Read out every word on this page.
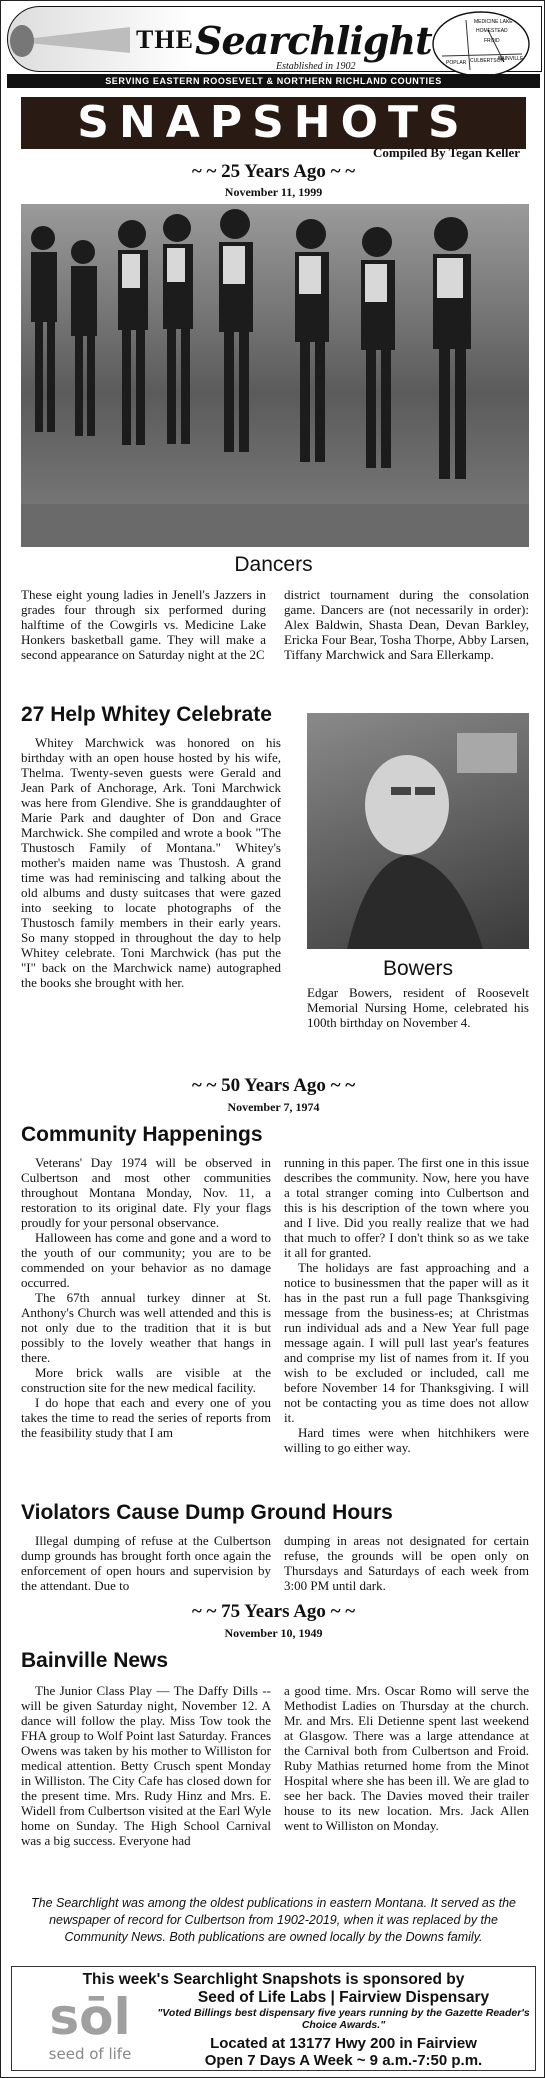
THE Searchlight
Established in 1902
MEDICINE LAKE
HOMESTEAD
FROID
BAINVILLE
CULBERTSON
POPLAR
SERVING EASTERN ROOSEVELT & NORTHERN RICHLAND COUNTIES
SNAPSHOTS
Compiled By Tegan Keller
~ ~ 25 Years Ago ~ ~
November 11, 1999
Dancers

These eight young ladies in Jenell's Jazzers in grades four through six performed during halftime of the Cowgirls vs. Medicine Lake Honkers basketball game. They will make a second appearance on Saturday night at the 2C

district tournament during the consolation game. Dancers are (not necessarily in order): Alex Baldwin, Shasta Dean, Devan Barkley, Ericka Four Bear, Tosha Thorpe, Abby Larsen, Tiffany Marchwick and Sara Ellerkamp.

27 Help Whitey Celebrate

Whitey Marchwick was honored on his birthday with an open house hosted by his wife, Thelma. Twenty-seven guests were Gerald and Jean Park of Anchorage, Ark. Toni Marchwick was here from Glendive. She is granddaughter of Marie Park and daughter of Don and Grace Marchwick. She compiled and wrote a book "The Thustosch Family of Montana." Whitey's mother's maiden name was Thustosh. A grand time was had reminiscing and talking about the old albums and dusty suitcases that were gazed into seeking to locate photographs of the Thustosch family members in their early years. So many stopped in throughout the day to help Whitey celebrate. Toni Marchwick (has put the "I" back on the Marchwick name) autographed the books she brought with her.

Bowers

Edgar Bowers, resident of Roosevelt Memorial Nursing Home, celebrated his 100th birthday on November 4.

~ ~ 50 Years Ago ~ ~
November 7, 1974
Community Happenings

Veterans' Day 1974 will be observed in Culbertson and most other communities throughout Montana Monday, Nov. 11, a restoration to its original date. Fly your flags proudly for your personal observance.

Halloween has come and gone and a word to the youth of our community; you are to be commended on your behavior as no damage occurred.

The 67th annual turkey dinner at St. Anthony's Church was well attended and this is not only due to the tradition that it is but possibly to the lovely weather that hangs in there.

More brick walls are visible at the construction site for the new medical facility.

I do hope that each and every one of you takes the time to read the series of reports from the feasibility study that I am

running in this paper. The first one in this issue describes the community. Now, here you have a total stranger coming into Culbertson and this is his description of the town where you and I live. Did you really realize that we had that much to offer? I don't think so as we take it all for granted.

The holidays are fast approaching and a notice to businessmen that the paper will as it has in the past run a full page Thanksgiving message from the business-es; at Christmas run individual ads and a New Year full page message again. I will pull last year's features and comprise my list of names from it. If you wish to be excluded or included, call me before November 14 for Thanksgiving. I will not be contacting you as time does not allow it.

Hard times were when hitchhikers were willing to go either way.

Violators Cause Dump Ground Hours

Illegal dumping of refuse at the Culbertson dump grounds has brought forth once again the enforcement of open hours and supervision by the attendant. Due to

dumping in areas not designated for certain refuse, the grounds will be open only on Thursdays and Saturdays of each week from 3:00 PM until dark.

~ ~ 75 Years Ago ~ ~
November 10, 1949
Bainville News

The Junior Class Play — The Daffy Dills -- will be given Saturday night, November 12. A dance will follow the play. Miss Tow took the FHA group to Wolf Point last Saturday. Frances Owens was taken by his mother to Williston for medical attention. Betty Crusch spent Monday in Williston. The City Cafe has closed down for the present time. Mrs. Rudy Hinz and Mrs. E. Widell from Culbertson visited at the Earl Wyle home on Sunday. The High School Carnival was a big success. Everyone had

a good time. Mrs. Oscar Romo will serve the Methodist Ladies on Thursday at the church. Mr. and Mrs. Eli Detienne spent last weekend at Glasgow. There was a large attendance at the Carnival both from Culbertson and Froid. Ruby Mathias returned home from the Minot Hospital where she has been ill. We are glad to see her back. The Davies moved their trailer house to its new location. Mrs. Jack Allen went to Williston on Monday.

The Searchlight was among the oldest publications in eastern Montana. It served as the newspaper of record for Culbertson from 1902-2019, when it was replaced by the Community News. Both publications are owned locally by the Downs family.
This week's Searchlight Snapshots is sponsored by
sōl
seed of life
Seed of Life Labs | Fairview Dispensary
"Voted Billings best dispensary five years running by the Gazette Reader's Choice Awards."
Located at 13177 Hwy 200 in Fairview
Open 7 Days A Week ~ 9 a.m.-7:50 p.m.
